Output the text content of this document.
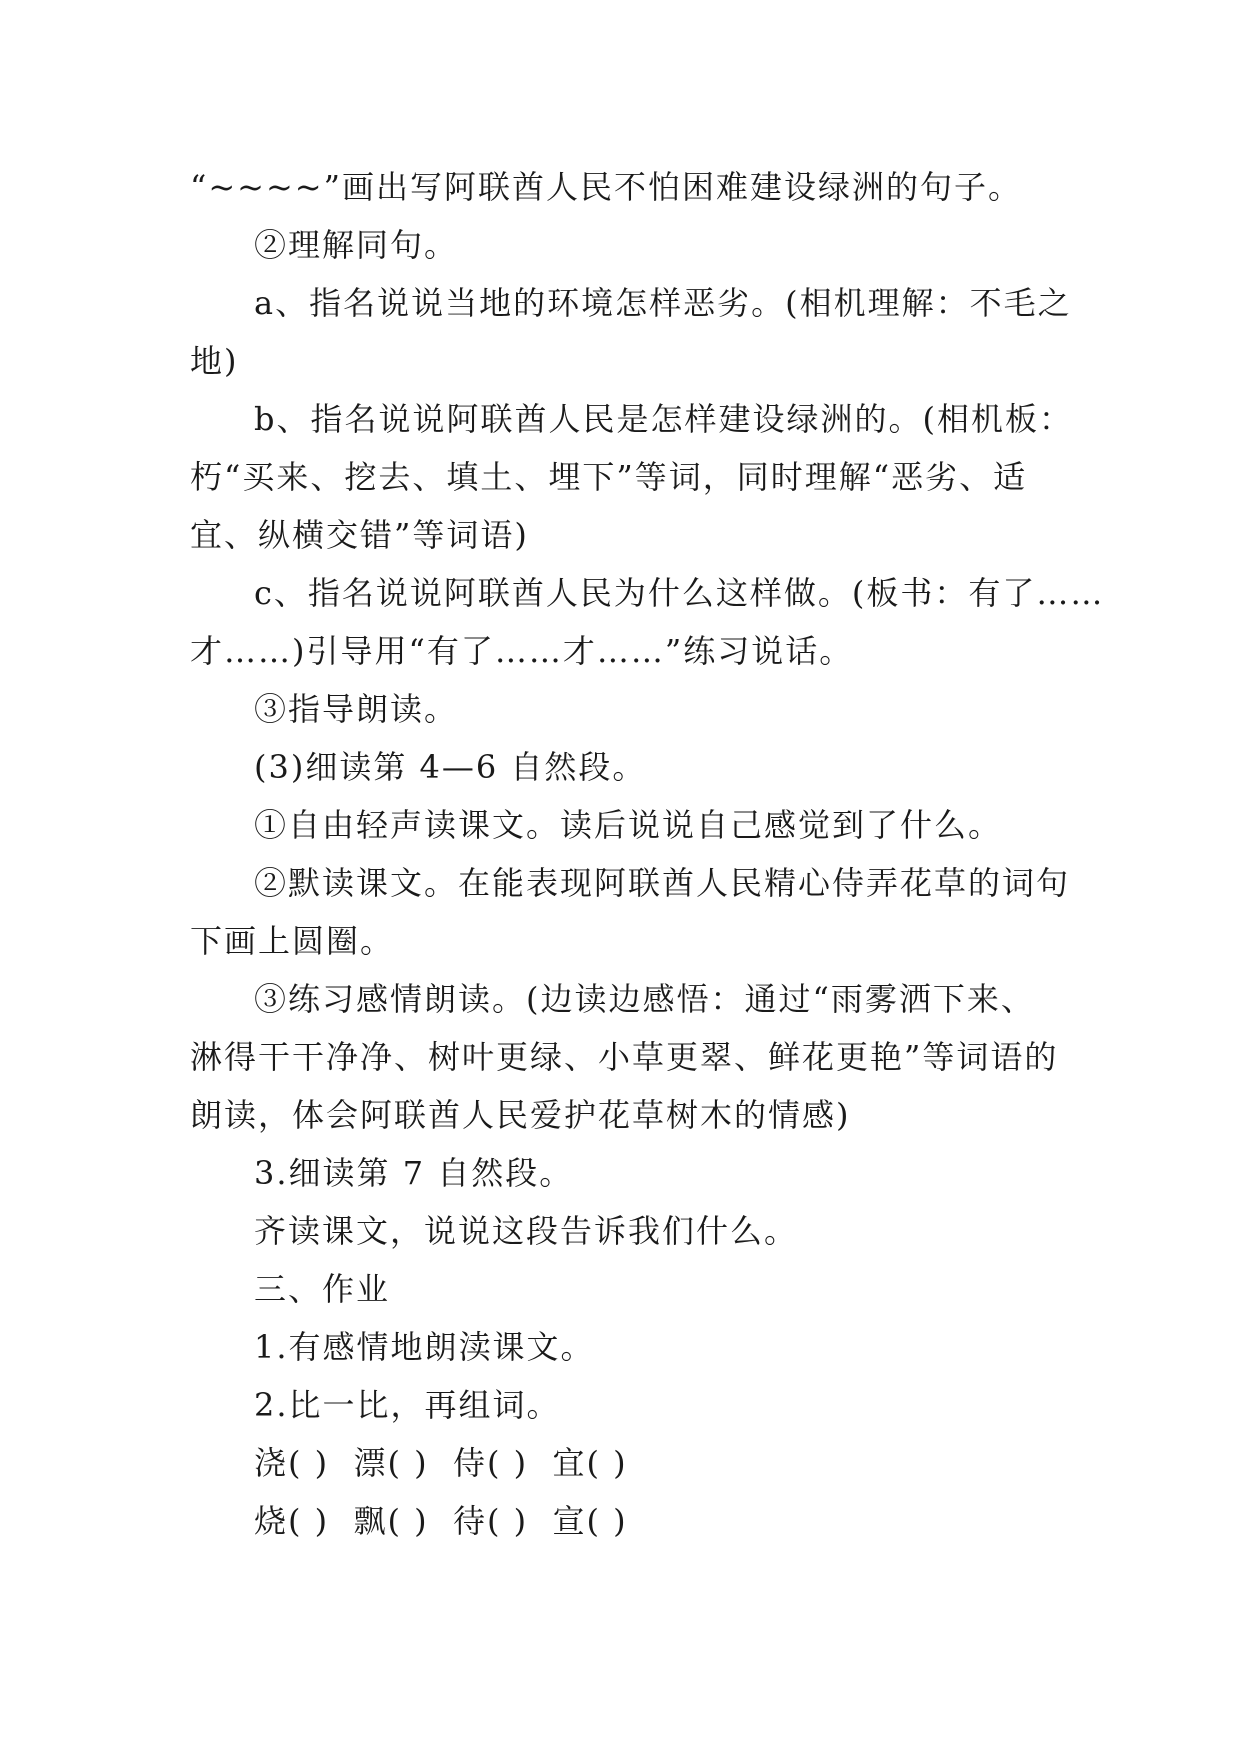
“~~~~”画出写阿联酋人民不怕困难建设绿洲的句子。
②理解同句。
a、指名说说当地的环境怎样恶劣。(相机理解：不毛之
地)
b、指名说说阿联酋人民是怎样建设绿洲的。(相机板：
朽“买来、挖去、填土、埋下”等词，同时理解“恶劣、适
宜、纵横交错”等词语)
c、指名说说阿联酋人民为什么这样做。(板书：有了……
才……)引导用“有了……才……”练习说话。
③指导朗读。
(3)细读第 4—6 自然段。
①自由轻声读课文。读后说说自己感觉到了什么。
②默读课文。在能表现阿联酋人民精心侍弄花草的词句
下画上圆圈。
③练习感情朗读。(边读边感悟：通过“雨雾洒下来、
淋得干干净净、树叶更绿、小草更翠、鲜花更艳”等词语的
朗读，体会阿联酋人民爱护花草树木的情感)
3.细读第 7 自然段。
齐读课文，说说这段告诉我们什么。
三、作业
1.有感情地朗渎课文。
2.比一比，再组词。
浇( )  漂( )  侍( )  宜( )
烧( )  飘( )  待( )  宣( )
